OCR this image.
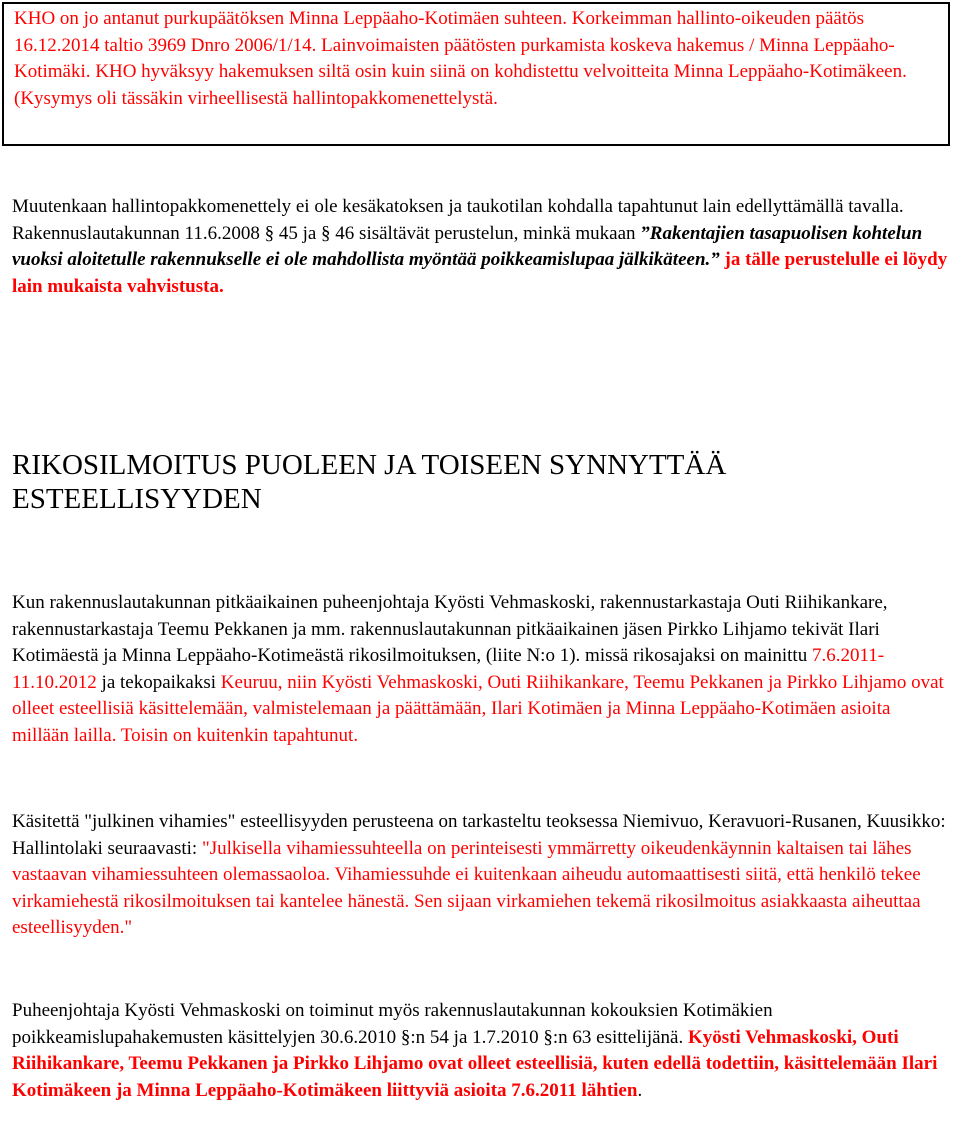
KHO on jo antanut purkupäätöksen Minna Leppäaho-Kotimäen suhteen. Korkeimman hallinto-oikeuden päätös 16.12.2014 taltio 3969 Dnro 2006/1/14. Lainvoimaisten päätösten purkamista koskeva hakemus / Minna Leppäaho-Kotimäki. KHO hyväksyy hakemuksen siltä osin kuin siinä on kohdistettu velvoitteita Minna Leppäaho-Kotimäkeen. (Kysymys oli tässäkin virheellisestä hallintopakkomenettelystä.
Muutenkaan hallintopakkomenettely ei ole kesäkatoksen ja taukotilan kohdalla tapahtunut lain edellyttämällä tavalla. Rakennuslautakunnan 11.6.2008 § 45 ja § 46 sisältävät perustelun, minkä mukaan ”Rakentajien tasapuolisen kohtelun vuoksi aloitetulle rakennukselle ei ole mahdollista myöntää poikkeamislupaa jälkikäteen.” ja tälle perustelulle ei löydy lain mukaista vahvistusta.
RIKOSILMOITUS PUOLEEN JA TOISEEN SYNNYTTÄÄ ESTEELLISYYDEN
Kun rakennuslautakunnan pitkäaikainen puheenjohtaja Kyösti Vehmaskoski, rakennustarkastaja Outi Riihikankare, rakennustarkastaja Teemu Pekkanen ja mm. rakennuslautakunnan pitkäaikainen jäsen Pirkko Lihjamo tekivät Ilari Kotimäestä ja Minna Leppäaho-Kotimeästä rikosilmoituksen, (liite N:o 1). missä rikosajaksi on mainittu 7.6.2011-11.10.2012 ja tekopaikaksi Keuruu, niin Kyösti Vehmaskoski, Outi Riihikankare, Teemu Pekkanen ja Pirkko Lihjamo ovat olleet esteellisiä käsittelemään, valmistelemaan ja päättämään, Ilari Kotimäen ja Minna Leppäaho-Kotimäen asioita millään lailla. Toisin on kuitenkin tapahtunut.
Käsitettä "julkinen vihamies" esteellisyyden perusteena on tarkasteltu teoksessa Niemivuo, Keravuori-Rusanen, Kuusikko: Hallintolaki seuraavasti: "Julkisella vihamiessuhteella on perinteisesti ymmärretty oikeudenkäynnin kaltaisen tai lähes vastaavan vihamiessuhteen olemassaoloa. Vihamiessuhde ei kuitenkaan aiheudu automaattisesti siitä, että henkilö tekee virkamiehestä rikosilmoituksen tai kantelee hänestä. Sen sijaan virkamiehen tekemä rikosilmoitus asiakkaasta aiheuttaa esteellisyyden."
Puheenjohtaja Kyösti Vehmaskoski on toiminut myös rakennuslautakunnan kokouksien Kotimäkien poikkeamislupahakemusten käsittelyjen 30.6.2010 §:n 54 ja 1.7.2010 §:n 63 esittelijänä. Kyösti Vehmaskoski, Outi Riihikankare, Teemu Pekkanen ja Pirkko Lihjamo ovat olleet esteellisiä, kuten edellä todettiin, käsittelemään Ilari Kotimäkeen ja Minna Leppäaho-Kotimäkeen liittyviä asioita 7.6.2011 lähtien.
